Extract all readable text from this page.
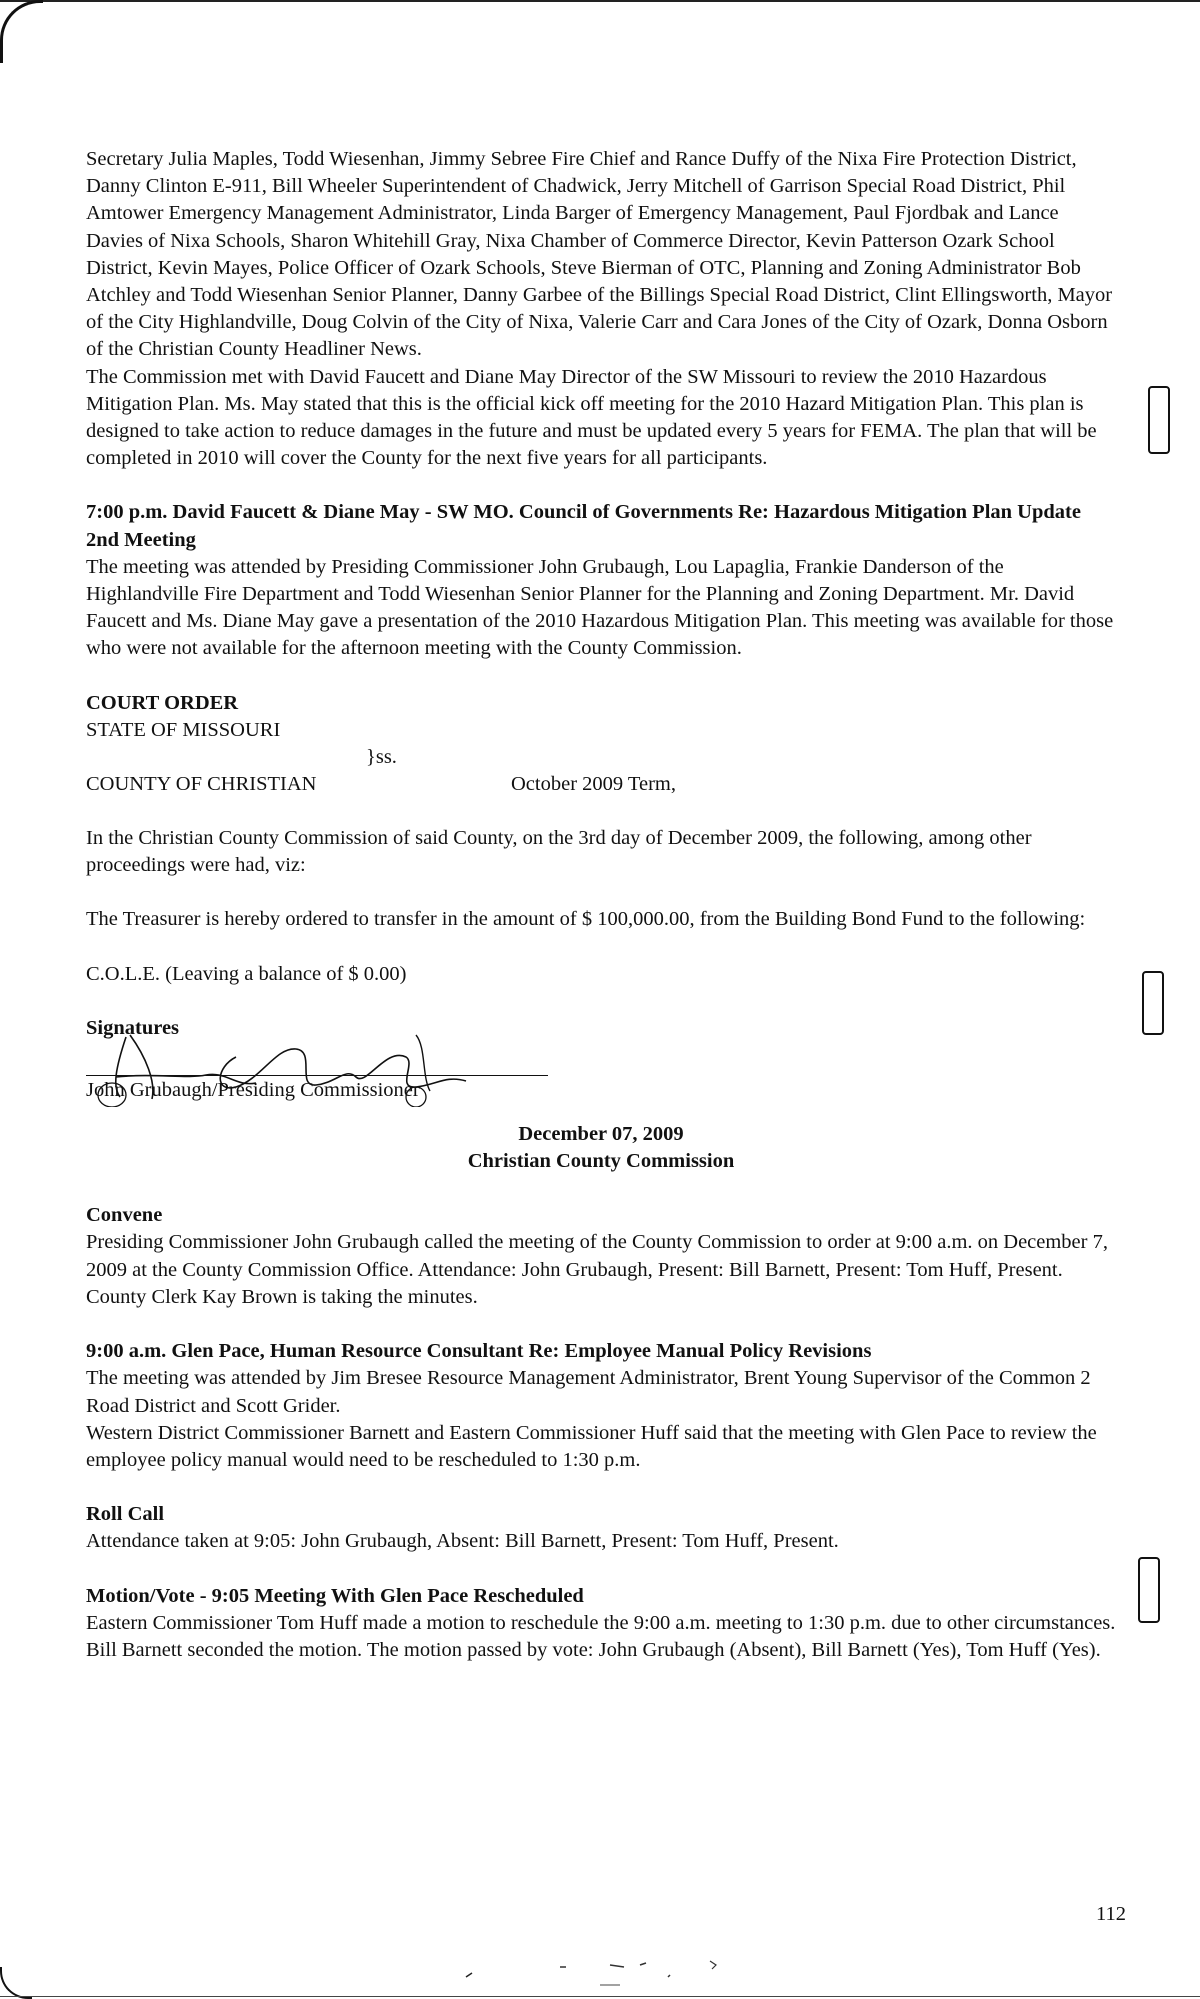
Secretary Julia Maples, Todd Wiesenhan, Jimmy Sebree Fire Chief and Rance Duffy of the Nixa Fire Protection District, Danny Clinton E-911, Bill Wheeler Superintendent of Chadwick, Jerry Mitchell of Garrison Special Road District, Phil Amtower Emergency Management Administrator, Linda Barger of Emergency Management, Paul Fjordbak and Lance Davies of Nixa Schools, Sharon Whitehill Gray, Nixa Chamber of Commerce Director, Kevin Patterson Ozark School District, Kevin Mayes, Police Officer of Ozark Schools, Steve Bierman of OTC, Planning and Zoning Administrator Bob Atchley and Todd Wiesenhan Senior Planner, Danny Garbee of the Billings Special Road District, Clint Ellingsworth, Mayor of the City Highlandville, Doug Colvin of the City of Nixa, Valerie Carr and Cara Jones of the City of Ozark, Donna Osborn of the Christian County Headliner News.

The Commission met with David Faucett and Diane May Director of the SW Missouri to review the 2010 Hazardous Mitigation Plan. Ms. May stated that this is the official kick off meeting for the 2010 Hazard Mitigation Plan. This plan is designed to take action to reduce damages in the future and must be updated every 5 years for FEMA. The plan that will be completed in 2010 will cover the County for the next five years for all participants.

7:00 p.m. David Faucett & Diane May - SW MO. Council of Governments Re: Hazardous Mitigation Plan Update 2nd Meeting

The meeting was attended by Presiding Commissioner John Grubaugh, Lou Lapaglia, Frankie Danderson of the Highlandville Fire Department and Todd Wiesenhan Senior Planner for the Planning and Zoning Department. Mr. David Faucett and Ms. Diane May gave a presentation of the 2010 Hazardous Mitigation Plan. This meeting was available for those who were not available for the afternoon meeting with the County Commission.

COURT ORDER

STATE OF MISSOURI

}ss.
COUNTY OF CHRISTIAN	October 2009 Term,

In the Christian County Commission of said County, on the 3rd day of December 2009, the following, among other proceedings were had, viz:

The Treasurer is hereby ordered to transfer in the amount of $ 100,000.00, from the Building Bond Fund to the following:

C.O.L.E. (Leaving a balance of $ 0.00)

Signatures
John Grubaugh/Presiding Commissioner

December 07, 2009

Christian County Commission

Convene

Presiding Commissioner John Grubaugh called the meeting of the County Commission to order at 9:00 a.m. on December 7, 2009 at the County Commission Office. Attendance: John Grubaugh, Present: Bill Barnett, Present: Tom Huff, Present. County Clerk Kay Brown is taking the minutes.

9:00 a.m. Glen Pace, Human Resource Consultant Re: Employee Manual Policy Revisions

The meeting was attended by Jim Bresee Resource Management Administrator, Brent Young Supervisor of the Common 2 Road District and Scott Grider.

Western District Commissioner Barnett and Eastern Commissioner Huff said that the meeting with Glen Pace to review the employee policy manual would need to be rescheduled to 1:30 p.m.

Roll Call

Attendance taken at 9:05: John Grubaugh, Absent: Bill Barnett, Present: Tom Huff, Present.

Motion/Vote - 9:05 Meeting With Glen Pace Rescheduled

Eastern Commissioner Tom Huff made a motion to reschedule the 9:00 a.m. meeting to 1:30 p.m. due to other circumstances. Bill Barnett seconded the motion. The motion passed by vote: John Grubaugh (Absent), Bill Barnett (Yes), Tom Huff (Yes).

112
